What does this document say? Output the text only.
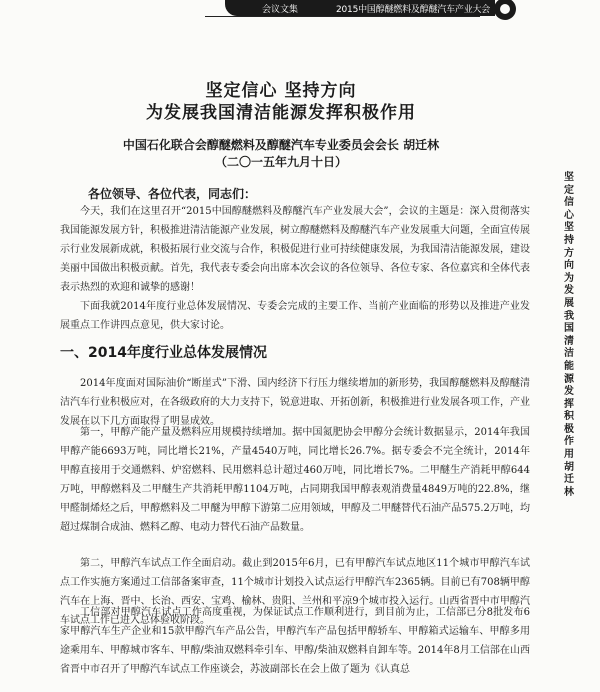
会议文集	2015中国醇醚燃料及醇醚汽车产业大会
坚定信心 坚持方向
为发展我国清洁能源发挥积极作用
中国石化联合会醇醚燃料及醇醚汽车专业委员会会长 胡迁林
（二〇一五年九月十日）
各位领导、各位代表，同志们：

今天，我们在这里召开“2015中国醇醚燃料及醇醚汽车产业发展大会”，会议的主题是：深入贯彻落实我国能源发展方针，积极推进清洁能源产业发展，树立醇醚燃料及醇醚汽车产业发展重大问题，全面宣传展示行业发展新成就，积极拓展行业交流与合作，积极促进行业可持续健康发展，为我国清洁能源发展，建设美丽中国做出积极贡献。首先，我代表专委会向出席本次会议的各位领导、各位专家、各位嘉宾和全体代表表示热烈的欢迎和诚挚的感谢！

下面我就2014年度行业总体发展情况、专委会完成的主要工作、当前产业面临的形势以及推进产业发展重点工作讲四点意见，供大家讨论。

一、2014年度行业总体发展情况

2014年度面对国际油价“断崖式”下滑、国内经济下行压力继续增加的新形势，我国醇醚燃料及醇醚清洁汽车行业积极应对，在各级政府的大力支持下，锐意进取、开拓创新，积极推进行业发展各项工作，产业发展在以下几方面取得了明显成效。

第一，甲醇产能产量及燃料应用规模持续增加。据中国氮肥协会甲醇分会统计数据显示，2014年我国甲醇产能6693万吨，同比增长21%，产量4540万吨，同比增长26.7%。据专委会不完全统计，2014年甲醇直接用于交通燃料、炉窑燃料、民用燃料总计超过460万吨，同比增长7%。二甲醚生产消耗甲醇644万吨，甲醇燃料及二甲醚生产共消耗甲醇1104万吨，占同期我国甲醇表观消费量4849万吨的22.8%，继甲醛制烯烃之后，甲醇燃料及二甲醚为甲醇下游第二应用领域，甲醇及二甲醚替代石油产品575.2万吨，均超过煤制合成油、燃料乙醇、电动力替代石油产品数量。

第二，甲醇汽车试点工作全面启动。截止到2015年6月，已有甲醇汽车试点地区11个城市甲醇汽车试点工作实施方案通过工信部备案审查，11个城市计划投入试点运行甲醇汽车2365辆。目前已有708辆甲醇汽车在上海、晋中、长治、西安、宝鸡、榆林、贵阳、兰州和平凉9个城市投入运行。山西省晋中市甲醇汽车试点工作已进入总体验收阶段。

工信部对甲醇汽车试点工作高度重视，为保证试点工作顺利进行，到目前为止，工信部已分8批发布6家甲醇汽车生产企业和15款甲醇汽车产品公告，甲醇汽车产品包括甲醇轿车、甲醇箱式运输车、甲醇多用途乘用车、甲醇城市客车、甲醇/柴油双燃料牵引车、甲醇/柴油双燃料自卸车等。2014年8月工信部在山西省晋中市召开了甲醇汽车试点工作座谈会，苏波副部长在会上做了题为《认真总

坚定信心 坚持方向 为发展我国清洁能源发挥积极作用 胡迁林
